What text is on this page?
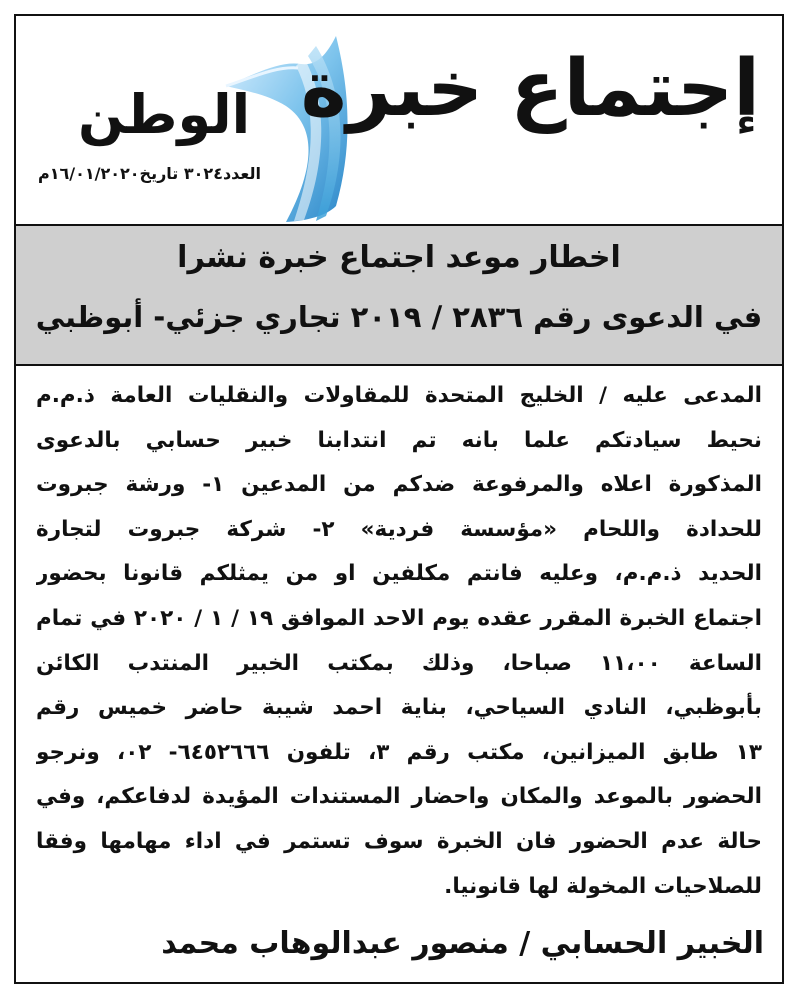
الوطن
العدد٣٠٢٤ تاريخ١٦/٠١/٢٠٢٠م
إجتماع خبرة
اخطار موعد اجتماع خبرة نشرا
في الدعوى رقم ٢٨٣٦ / ٢٠١٩ تجاري جزئي- أبوظبي
المدعى عليه / الخليج المتحدة للمقاولات والنقليات العامة ذ.م.م
نحيط سيادتكم علما بانه تم انتدابنا خبير حسابي بالدعوى
المذكورة اعلاه والمرفوعة ضدكم من المدعين ١- ورشة جبروت
للحدادة واللحام «مؤسسة فردية» ٢- شركة جبروت لتجارة
الحديد ذ.م.م، وعليه فانتم مكلفين او من يمثلكم قانونا بحضور
اجتماع الخبرة المقرر عقده يوم الاحد الموافق ١٩ / ١ / ٢٠٢٠ في تمام
الساعة ١١،٠٠ صباحا، وذلك بمكتب الخبير المنتدب الكائن
بأبوظبي، النادي السياحي، بناية احمد شيبة حاضر خميس رقم
١٣ طابق الميزانين، مكتب رقم ٣، تلفون ٦٤٥٢٦٦٦- ٠٢، ونرجو
الحضور بالموعد والمكان واحضار المستندات المؤيدة لدفاعكم، وفي
حالة عدم الحضور فان الخبرة سوف تستمر في اداء مهامها وفقا
للصلاحيات المخولة لها قانونيا.
الخبير الحسابي / منصور عبدالوهاب محمد
